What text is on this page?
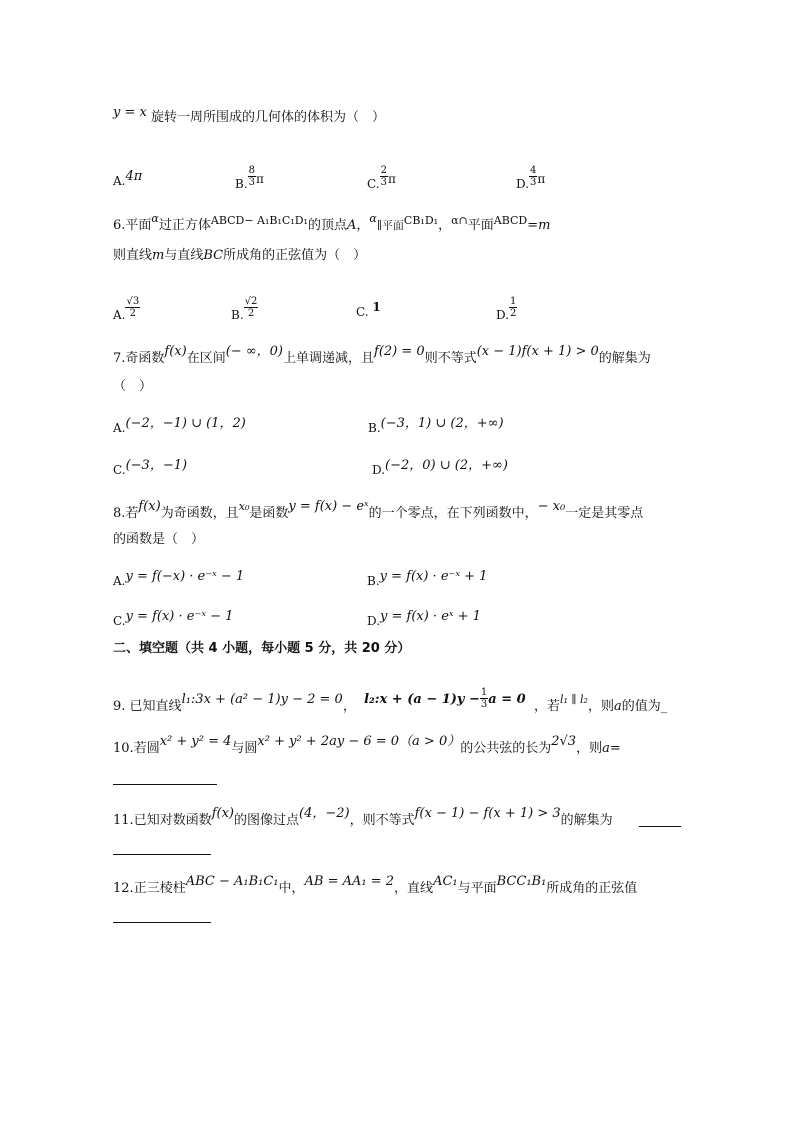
y = x 旋转一周所围成的几何体的体积为（　）
A.4π	B. $\frac{8}{3}$ π	C. $\frac{2}{3}$ π	D. $\frac{4}{3}$ π
6.平面$^\alpha$过正方体$^{ABCD- A_1B_1C_1D_1}$的顶点A，$^\alpha$∥平面$^{CB_1D_1}$，$^{\alpha\cap}$平面$^{ABCD}$=m
则直线m与直线BC所成角的正弦值为（　）
A. $\frac{√3}{2}$	B. $\frac{√2}{2}$	C. 1
D. $\frac{1}{2}$
7.奇函数f(x)在区间(− ∞，0)上单调递减，且f(2) = 0则不等式(x − 1)f(x + 1) > 0的解集为
（　）
A.(−2，−1) ∪ (1，2)	B.(−3，1) ∪ (2，+∞)
C.(−3，−1)	D.(−2，0) ∪ (2，+∞)
8.若f(x)为奇函数，且$^{x_0}$是函数y = f(x) − eˣ的一个零点，在下列函数中，− x₀一定是其零点
的函数是（　）
A.y = f(−x) · e⁻ˣ − 1	B.y = f(x) · e⁻ˣ + 1
C.y = f(x) · e⁻ˣ − 1	D.y = f(x) · eˣ + 1
二、填空题（共 4 小题，每小题 5 分，共 20 分）
9. 已知直线l₁:3x + (a² − 1)y − 2 = 0， l₂:x + $(a - 1)y - \frac{1}{3}$ a = 0 ，若$^{l_1 \parallel l_2}$，则a的值为_
10.若圆x² + y² = 4与圆x² + y² + 2ay − 6 = 0（a > 0）的公共弦的长为2√3，则a=
11.已知对数函数f(x)的图像过点(4，−2)，则不等式f(x − 1) − f(x + 1) > 3的解集为
12.正三棱柱ABC − A₁B₁C₁中，AB = AA₁ = 2，直线AC₁与平面BCC₁B₁所成角的正弦值
